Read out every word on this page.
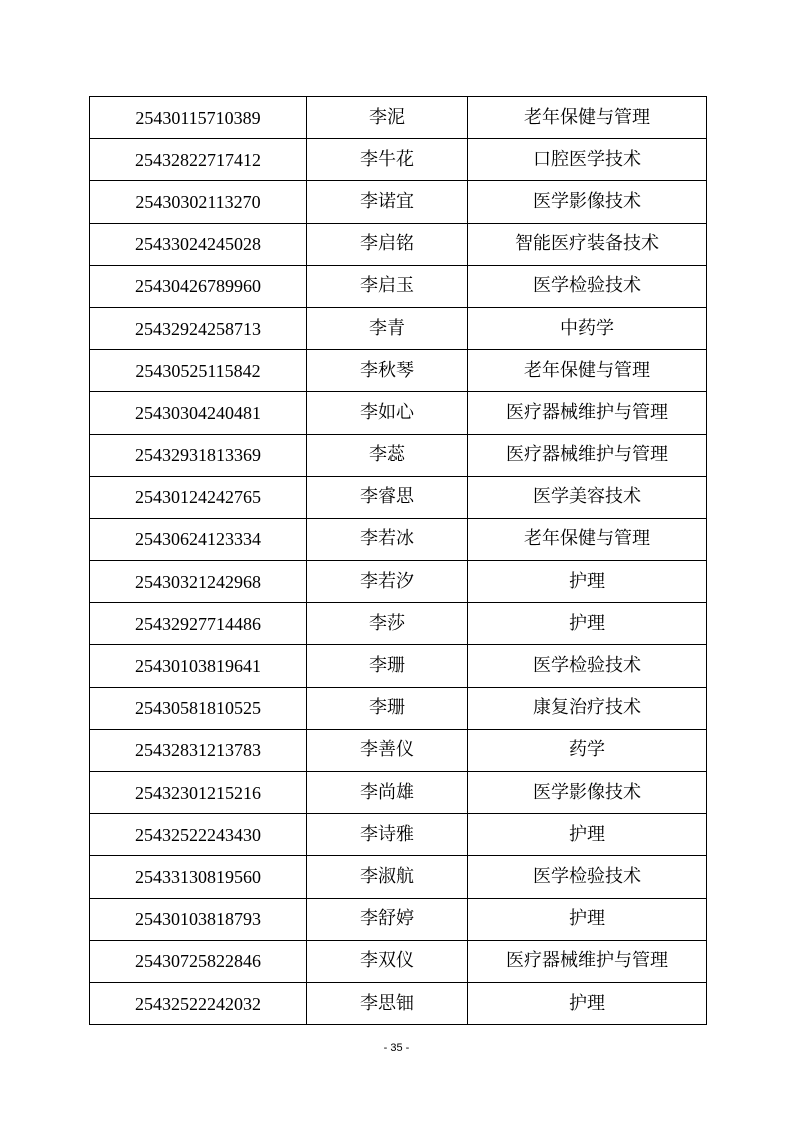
25430115710389	李泥	老年保健与管理
25432822717412	李牛花	口腔医学技术
25430302113270	李诺宜	医学影像技术
25433024245028	李启铭	智能医疗装备技术
25430426789960	李启玉	医学检验技术
25432924258713	李青	中药学
25430525115842	李秋琴	老年保健与管理
25430304240481	李如心	医疗器械维护与管理
25432931813369	李蕊	医疗器械维护与管理
25430124242765	李睿思	医学美容技术
25430624123334	李若冰	老年保健与管理
25430321242968	李若汐	护理
25432927714486	李莎	护理
25430103819641	李珊	医学检验技术
25430581810525	李珊	康复治疗技术
25432831213783	李善仪	药学
25432301215216	李尚雄	医学影像技术
25432522243430	李诗雅	护理
25433130819560	李淑航	医学检验技术
25430103818793	李舒婷	护理
25430725822846	李双仪	医疗器械维护与管理
25432522242032	李思钿	护理
- 35 -
